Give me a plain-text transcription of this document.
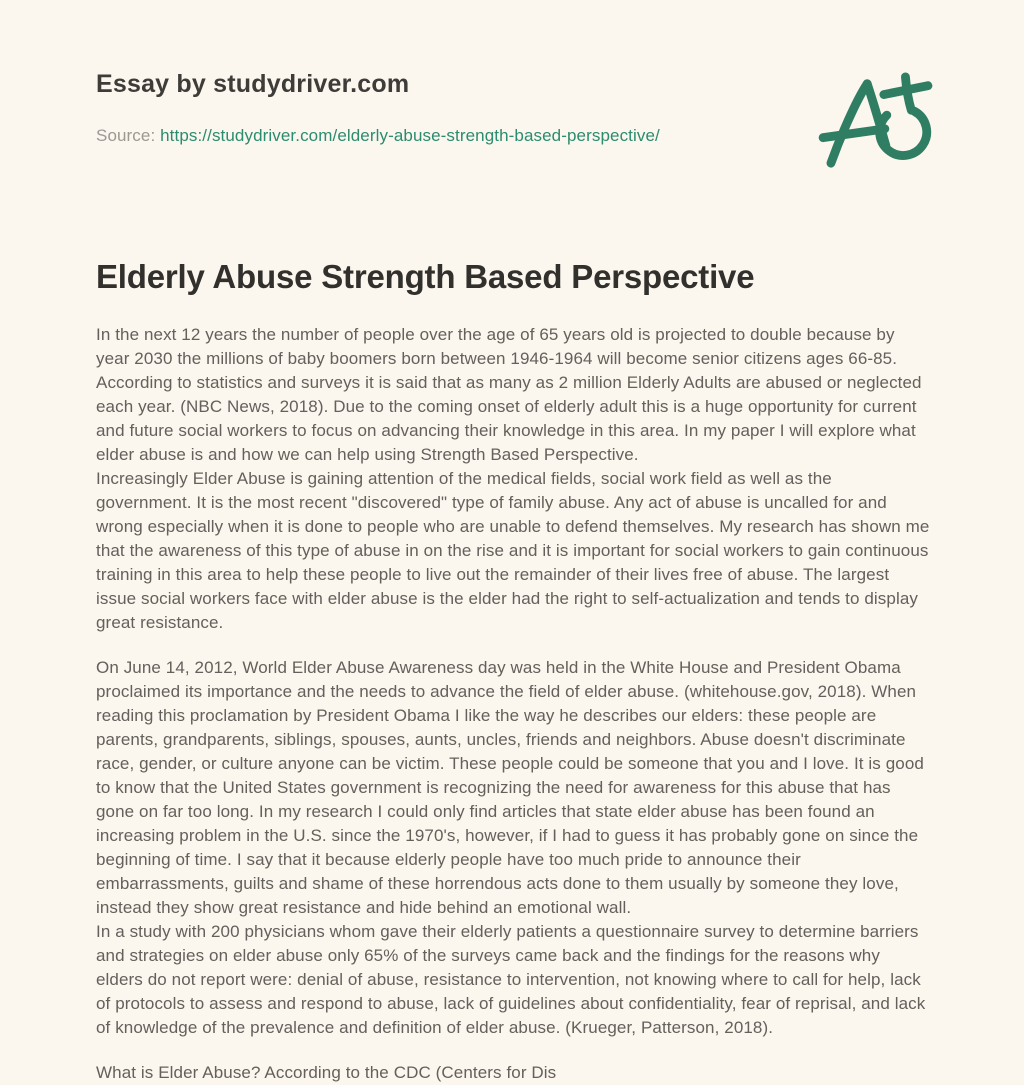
Essay by studydriver.com
Source: https://studydriver.com/elderly-abuse-strength-based-perspective/
Elderly Abuse Strength Based Perspective

In the next 12 years the number of people over the age of 65 years old is projected to double because by year 2030 the millions of baby boomers born between 1946-1964 will become senior citizens ages 66-85. According to statistics and surveys it is said that as many as 2 million Elderly Adults are abused or neglected each year. (NBC News, 2018). Due to the coming onset of elderly adult this is a huge opportunity for current and future social workers to focus on advancing their knowledge in this area. In my paper I will explore what elder abuse is and how we can help using Strength Based Perspective.

Increasingly Elder Abuse is gaining attention of the medical fields, social work field as well as the government. It is the most recent "discovered" type of family abuse. Any act of abuse is uncalled for and wrong especially when it is done to people who are unable to defend themselves. My research has shown me that the awareness of this type of abuse in on the rise and it is important for social workers to gain continuous training in this area to help these people to live out the remainder of their lives free of abuse. The largest issue social workers face with elder abuse is the elder had the right to self-actualization and tends to display great resistance.

On June 14, 2012, World Elder Abuse Awareness day was held in the White House and President Obama proclaimed its importance and the needs to advance the field of elder abuse. (whitehouse.gov, 2018). When reading this proclamation by President Obama I like the way he describes our elders: these people are parents, grandparents, siblings, spouses, aunts, uncles, friends and neighbors. Abuse doesn't discriminate race, gender, or culture anyone can be victim. These people could be someone that you and I love. It is good to know that the United States government is recognizing the need for awareness for this abuse that has gone on far too long. In my research I could only find articles that state elder abuse has been found an increasing problem in the U.S. since the 1970's, however, if I had to guess it has probably gone on since the beginning of time. I say that it because elderly people have too much pride to announce their embarrassments, guilts and shame of these horrendous acts done to them usually by someone they love, instead they show great resistance and hide behind an emotional wall.

In a study with 200 physicians whom gave their elderly patients a questionnaire survey to determine barriers and strategies on elder abuse only 65% of the surveys came back and the findings for the reasons why elders do not report were: denial of abuse, resistance to intervention, not knowing where to call for help, lack of protocols to assess and respond to abuse, lack of guidelines about confidentiality, fear of reprisal, and lack of knowledge of the prevalence and definition of elder abuse. (Krueger, Patterson, 2018).

What is Elder Abuse? According to the CDC (Centers for Dis
